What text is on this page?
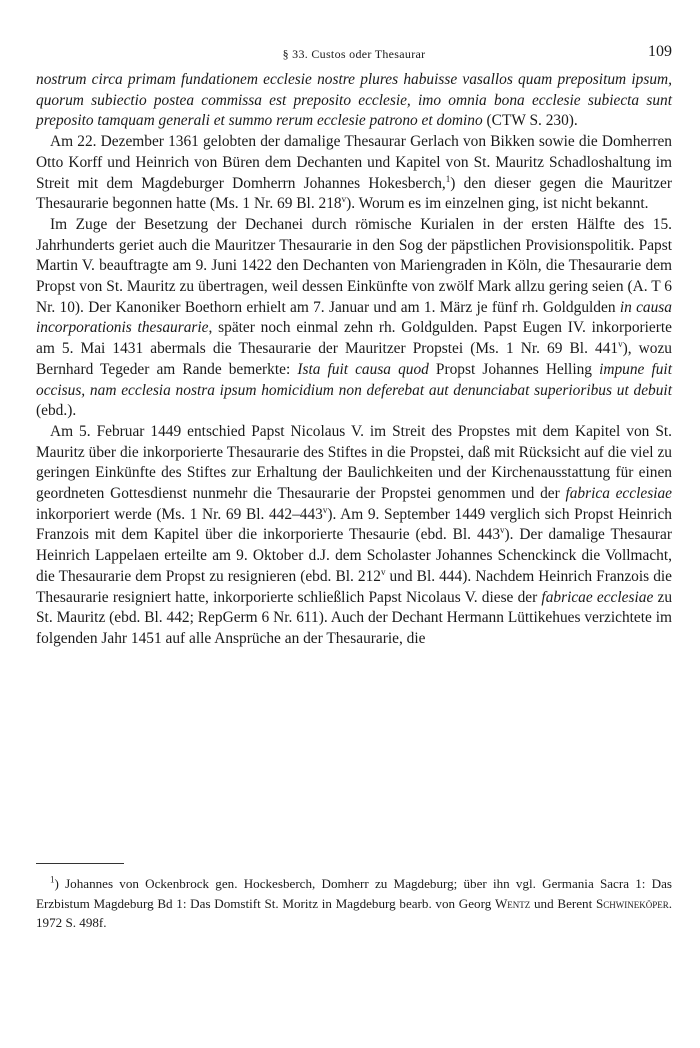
§ 33. Custos oder Thesaurar	109

nostrum circa primam fundationem ecclesie nostre plures habuisse vasallos quam prepositum ipsum, quorum subiectio postea commissa est preposito ecclesie, imo omnia bona ecclesie subiecta sunt preposito tamquam generali et summo rerum ecclesie patrono et domino (CTW S. 230).

Am 22. Dezember 1361 gelobten der damalige Thesaurar Gerlach von Bikken sowie die Domherren Otto Korff und Heinrich von Büren dem Dechanten und Kapitel von St. Mauritz Schadloshaltung im Streit mit dem Magdeburger Domherrn Johannes Hokesberch,$^1$) den dieser gegen die Mauritzer Thesaurarie begonnen hatte (Ms. 1 Nr. 69 Bl. 218$^v$). Worum es im einzelnen ging, ist nicht bekannt.

Im Zuge der Besetzung der Dechanei durch römische Kurialen in der ersten Hälfte des 15. Jahrhunderts geriet auch die Mauritzer Thesaurarie in den Sog der päpstlichen Provisionspolitik. Papst Martin V. beauftragte am 9. Juni 1422 den Dechanten von Mariengraden in Köln, die Thesaurarie dem Propst von St. Mauritz zu übertragen, weil dessen Einkünfte von zwölf Mark allzu gering seien (A. T 6 Nr. 10). Der Kanoniker Boethorn erhielt am 7. Januar und am 1. März je fünf rh. Goldgulden in causa incorporationis thesaurarie, später noch einmal zehn rh. Goldgulden. Papst Eugen IV. inkorporierte am 5. Mai 1431 abermals die Thesaurarie der Mauritzer Propstei (Ms. 1 Nr. 69 Bl. 441$^v$), wozu Bernhard Tegeder am Rande bemerkte: Ista fuit causa quod Propst Johannes Helling impune fuit occisus, nam ecclesia nostra ipsum homicidium non deferebat aut denunciabat superioribus ut debuit (ebd.).

Am 5. Februar 1449 entschied Papst Nicolaus V. im Streit des Propstes mit dem Kapitel von St. Mauritz über die inkorporierte Thesaurarie des Stiftes in die Propstei, daß mit Rücksicht auf die viel zu geringen Einkünfte des Stiftes zur Erhaltung der Baulichkeiten und der Kirchenausstattung für einen geordneten Gottesdienst nunmehr die Thesaurarie der Propstei genommen und der fabrica ecclesiae inkorporiert werde (Ms. 1 Nr. 69 Bl. 442–443$^v$). Am 9. September 1449 verglich sich Propst Heinrich Franzois mit dem Kapitel über die inkorporierte Thesaurie (ebd. Bl. 443$^v$). Der damalige Thesaurar Heinrich Lappelaen erteilte am 9. Oktober d.J. dem Scholaster Johannes Schenckinck die Vollmacht, die Thesaurarie dem Propst zu resignieren (ebd. Bl. 212$^v$ und Bl. 444). Nachdem Heinrich Franzois die Thesaurarie resigniert hatte, inkorporierte schließlich Papst Nicolaus V. diese der fabricae ecclesiae zu St. Mauritz (ebd. Bl. 442; RepGerm 6 Nr. 611). Auch der Dechant Hermann Lüttikehues verzichtete im folgenden Jahr 1451 auf alle Ansprüche an der Thesaurarie, die

$^1$) Johannes von Ockenbrock gen. Hockesberch, Domherr zu Magdeburg; über ihn vgl. Germania Sacra 1: Das Erzbistum Magdeburg Bd 1: Das Domstift St. Moritz in Magdeburg bearb. von Georg Wentz und Berent Schwineköper. 1972 S. 498f.
